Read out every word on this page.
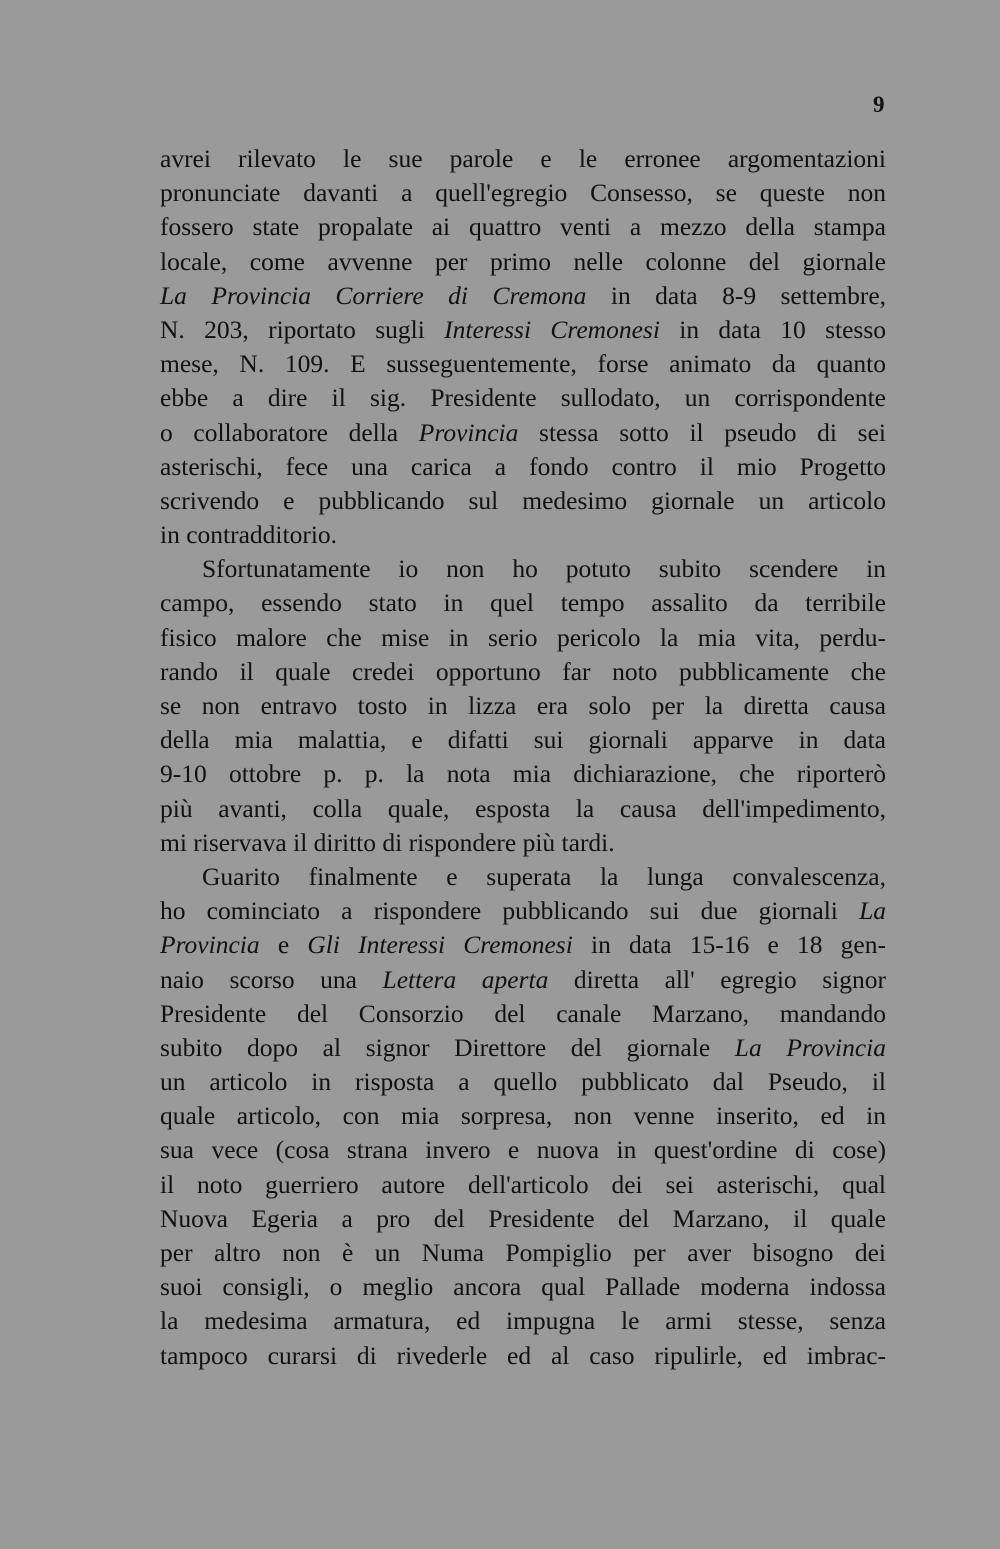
9
avrei rilevato le sue parole e le erronee argomentazioni
pronunciate davanti a quell'egregio Consesso, se queste non
fossero state propalate ai quattro venti a mezzo della stampa
locale, come avvenne per primo nelle colonne del giornale
La Provincia Corriere di Cremona in data 8-9 settembre,
N. 203, riportato sugli Interessi Cremonesi in data 10 stesso
mese, N. 109. E susseguentemente, forse animato da quanto
ebbe a dire il sig. Presidente sullodato, un corrispondente
o collaboratore della Provincia stessa sotto il pseudo di sei
asterischi, fece una carica a fondo contro il mio Progetto
scrivendo e pubblicando sul medesimo giornale un articolo
in contradditorio.
Sfortunatamente io non ho potuto subito scendere in
campo, essendo stato in quel tempo assalito da terribile
fisico malore che mise in serio pericolo la mia vita, perdu-
rando il quale credei opportuno far noto pubblicamente che
se non entravo tosto in lizza era solo per la diretta causa
della mia malattia, e difatti sui giornali apparve in data
9-10 ottobre p. p. la nota mia dichiarazione, che riporterò
più avanti, colla quale, esposta la causa dell'impedimento,
mi riservava il diritto di rispondere più tardi.
Guarito finalmente e superata la lunga convalescenza,
ho cominciato a rispondere pubblicando sui due giornali La
Provincia e Gli Interessi Cremonesi in data 15-16 e 18 gen-
naio scorso una Lettera aperta diretta all' egregio signor
Presidente del Consorzio del canale Marzano, mandando
subito dopo al signor Direttore del giornale La Provincia
un articolo in risposta a quello pubblicato dal Pseudo, il
quale articolo, con mia sorpresa, non venne inserito, ed in
sua vece (cosa strana invero e nuova in quest'ordine di cose)
il noto guerriero autore dell'articolo dei sei asterischi, qual
Nuova Egeria a pro del Presidente del Marzano, il quale
per altro non è un Numa Pompiglio per aver bisogno dei
suoi consigli, o meglio ancora qual Pallade moderna indossa
la medesima armatura, ed impugna le armi stesse, senza
tampoco curarsi di rivederle ed al caso ripulirle, ed imbrac-
